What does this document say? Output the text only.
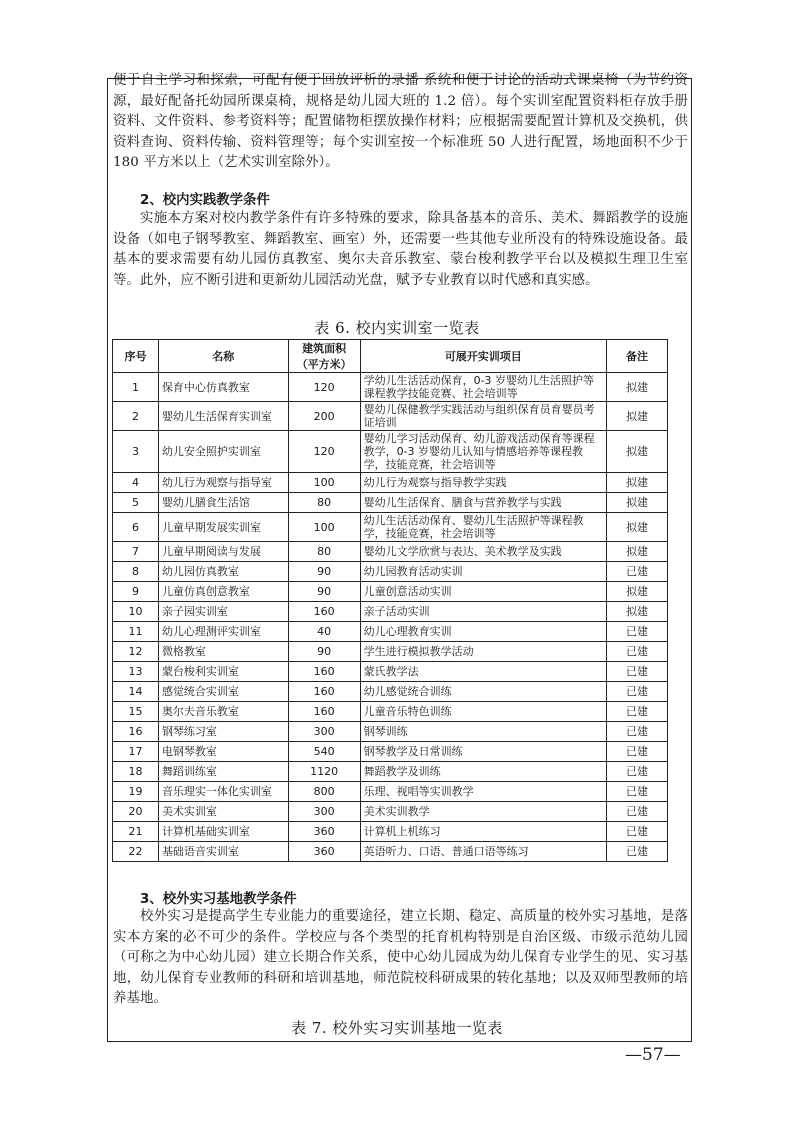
便于自主学习和探索，可配有便于回放评析的录播 系统和便于讨论的活动式课桌椅（为节约资源，最好配备托幼园所课桌椅，规格是幼儿园大班的 1.2 倍）。每个实训室配置资料柜存放手册资料、文件资料、参考资料等；配置储物柜摆放操作材料；应根据需要配置计算机及交换机，供资料查询、资料传输、资料管理等；每个实训室按一个标准班 50 人进行配置，场地面积不少于 180 平方米以上（艺术实训室除外）。

2、校内实践教学条件

实施本方案对校内教学条件有许多特殊的要求，除具备基本的音乐、美术、舞蹈教学的设施设备（如电子钢琴教室、舞蹈教室、画室）外，还需要一些其他专业所没有的特殊设施设备。最基本的要求需要有幼儿园仿真教室、奥尔夫音乐教室、蒙台梭利教学平台以及模拟生理卫生室等。此外，应不断引进和更新幼儿园活动光盘，赋予专业教育以时代感和真实感。

表 6. 校内实训室一览表
序号	名称	建筑面积（平方米）	可展开实训项目	备注
1	保育中心仿真教室	120	学幼儿生活活动保育，0-3 岁婴幼儿生活照护等课程教学技能竞赛、社会培训等	拟建
2	婴幼儿生活保育实训室	200	婴幼儿保健教学实践活动与组织保育员育婴员考证培训	拟建
3	幼儿安全照护实训室	120	婴幼儿学习活动保育、幼儿游戏活动保育等课程教学，0-3 岁婴幼儿认知与情感培养等课程教学，技能竞赛，社会培训等	拟建
4	幼儿行为观察与指导室	100	幼儿行为观察与指导教学实践	拟建
5	婴幼儿膳食生活馆	80	婴幼儿生活保育、膳食与营养教学与实践	拟建
6	儿童早期发展实训室	100	幼儿生活活动保育、婴幼儿生活照护等课程教学，技能竞赛，社会培训等	拟建
7	儿童早期阅读与发展	80	婴幼儿文学欣赏与表达、美术教学及实践	拟建
8	幼儿园仿真教室	90	幼儿园教育活动实训	已建
9	儿童仿真创意教室	90	儿童创意活动实训	拟建
10	亲子园实训室	160	亲子活动实训	拟建
11	幼儿心理测评实训室	40	幼儿心理教育实训	已建
12	微格教室	90	学生进行模拟教学活动	已建
13	蒙台梭利实训室	160	蒙氏教学法	已建
14	感觉统合实训室	160	幼儿感觉统合训练	已建
15	奥尔夫音乐教室	160	儿童音乐特色训练	已建
16	钢琴练习室	300	钢琴训练	已建
17	电钢琴教室	540	钢琴教学及日常训练	已建
18	舞蹈训练室	1120	舞蹈教学及训练	已建
19	音乐理实一体化实训室	800	乐理、视唱等实训教学	已建
20	美术实训室	300	美术实训教学	已建
21	计算机基础实训室	360	计算机上机练习	已建
22	基础语音实训室	360	英语听力、口语、普通口语等练习	已建
3、校外实习基地教学条件

校外实习是提高学生专业能力的重要途径，建立长期、稳定、高质量的校外实习基地，是落实本方案的必不可少的条件。学校应与各个类型的托育机构特别是自治区级、市级示范幼儿园（可称之为中心幼儿园）建立长期合作关系，使中心幼儿园成为幼儿保育专业学生的见、实习基地，幼儿保育专业教师的科研和培训基地，师范院校科研成果的转化基地；以及双师型教师的培养基地。

表 7. 校外实习实训基地一览表
—57—
